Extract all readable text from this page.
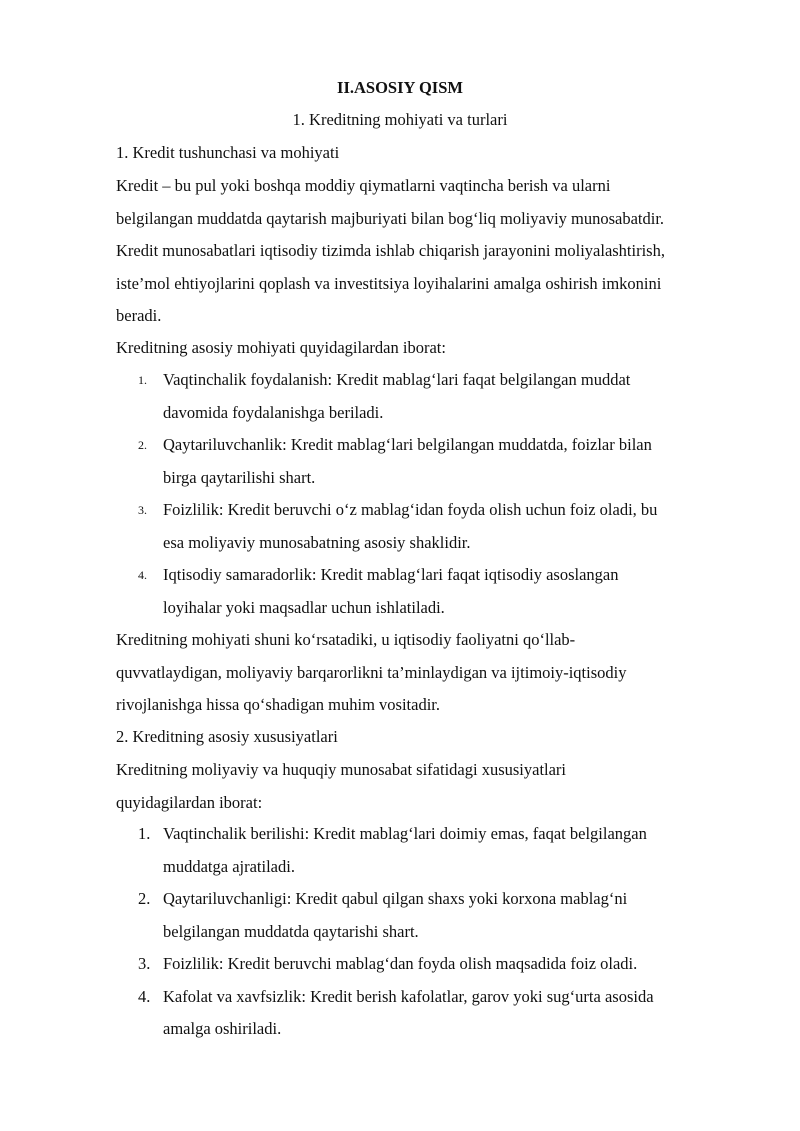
II.ASOSIY QISM
1. Kreditning mohiyati va turlari
1. Kredit tushunchasi va mohiyati
Kredit – bu pul yoki boshqa moddiy qiymatlarni vaqtincha berish va ularni
belgilangan muddatda qaytarish majburiyati bilan bog‘liq moliyaviy munosabatdir.
Kredit munosabatlari iqtisodiy tizimda ishlab chiqarish jarayonini moliyalashtirish,
iste’mol ehtiyojlarini qoplash va investitsiya loyihalarini amalga oshirish imkonini
beradi.
Kreditning asosiy mohiyati quyidagilardan iborat:
1. Vaqtinchalik foydalanish: Kredit mablag‘lari faqat belgilangan muddat
davomida foydalanishga beriladi.
2. Qaytariluvchanlik: Kredit mablag‘lari belgilangan muddatda, foizlar bilan
birga qaytarilishi shart.
3. Foizlilik: Kredit beruvchi o‘z mablag‘idan foyda olish uchun foiz oladi, bu
esa moliyaviy munosabatning asosiy shaklidir.
4. Iqtisodiy samaradorlik: Kredit mablag‘lari faqat iqtisodiy asoslangan
loyihalar yoki maqsadlar uchun ishlatiladi.
Kreditning mohiyati shuni ko‘rsatadiki, u iqtisodiy faoliyatni qo‘llab-
quvvatlaydigan, moliyaviy barqarorlikni ta’minlaydigan va ijtimoiy-iqtisodiy
rivojlanishga hissa qo‘shadigan muhim vositadir.
2. Kreditning asosiy xususiyatlari
Kreditning moliyaviy va huquqiy munosabat sifatidagi xususiyatlari
quyidagilardan iborat:
1. Vaqtinchalik berilishi: Kredit mablag‘lari doimiy emas, faqat belgilangan
muddatga ajratiladi.
2. Qaytariluvchanligi: Kredit qabul qilgan shaxs yoki korxona mablag‘ni
belgilangan muddatda qaytarishi shart.
3. Foizlilik: Kredit beruvchi mablag‘dan foyda olish maqsadida foiz oladi.
4. Kafolat va xavfsizlik: Kredit berish kafolatlar, garov yoki sug‘urta asosida
amalga oshiriladi.
